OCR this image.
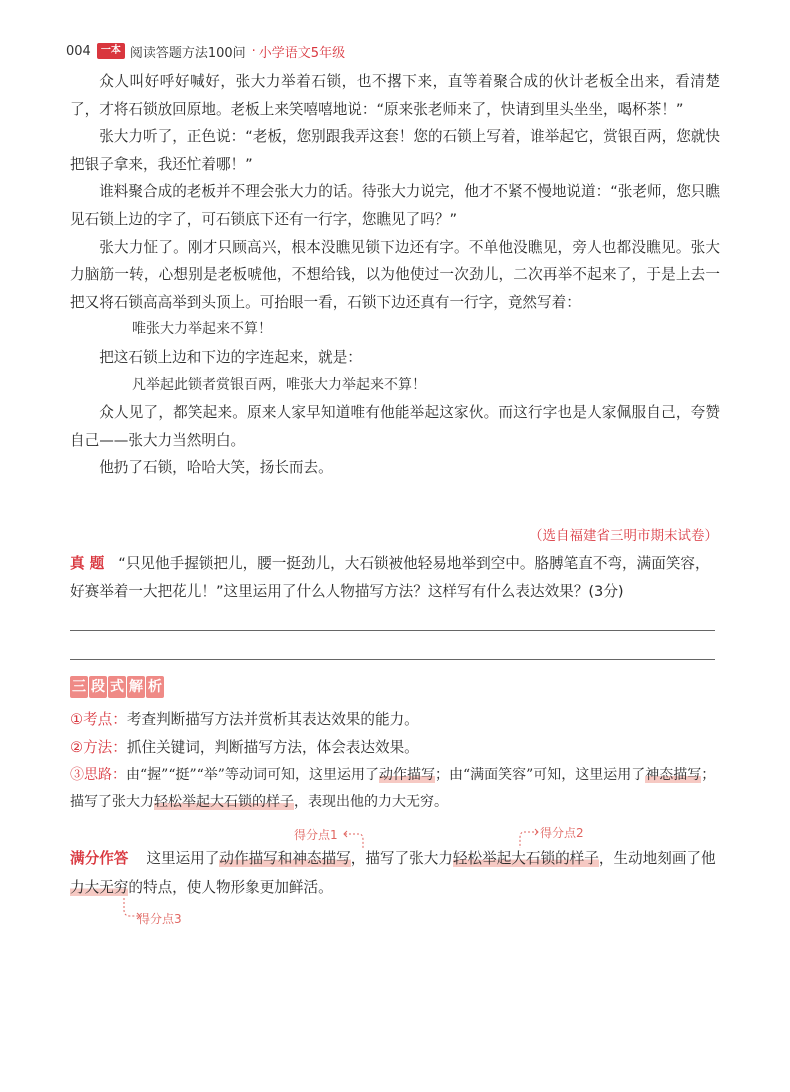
004	一本 阅读答题方法100问 · 小学语文5年级

众人叫好呼好喊好，张大力举着石锁，也不撂下来，直等着聚合成的伙计老板全出来，看清楚了，才将石锁放回原地。老板上来笑嘻嘻地说：“原来张老师来了，快请到里头坐坐，喝杯茶！”

张大力听了，正色说：“老板，您别跟我弄这套！您的石锁上写着，谁举起它，赏银百两，您就快把银子拿来，我还忙着哪！”

谁料聚合成的老板并不理会张大力的话。待张大力说完，他才不紧不慢地说道：“张老师，您只瞧见石锁上边的字了，可石锁底下还有一行字，您瞧见了吗？”

张大力怔了。刚才只顾高兴，根本没瞧见锁下边还有字。不单他没瞧见，旁人也都没瞧见。张大力脑筋一转，心想别是老板唬他，不想给钱，以为他使过一次劲儿，二次再举不起来了，于是上去一把又将石锁高高举到头顶上。可抬眼一看，石锁下边还真有一行字，竟然写着：

唯张大力举起来不算！

把这石锁上边和下边的字连起来，就是：

凡举起此锁者赏银百两，唯张大力举起来不算！

众人见了，都笑起来。原来人家早知道唯有他能举起这家伙。而这行字也是人家佩服自己，夸赞自己——张大力当然明白。

他扔了石锁，哈哈大笑，扬长而去。

（选自福建省三明市期末试卷）
真 题 “只见他手握锁把儿，腰一挺劲儿，大石锁被他轻易地举到空中。胳膊笔直不弯，满面笑容，好赛举着一大把花儿！”这里运用了什么人物描写方法？这样写有什么表达效果？(3分)
三 段 式 解 析

①考点：考查判断描写方法并赏析其表达效果的能力。

②方法：抓住关键词，判断描写方法，体会表达效果。

③思路：由“握”“挺”“举”等动词可知，这里运用了动作描写；由“满面笑容”可知，这里运用了神态描写；描写了张大力轻松举起大石锁的样子，表现出他的力大无穷。

得分点1	得分点2
满分作答 这里运用了动作描写和神态描写，描写了张大力轻松举起大石锁的样子，生动地刻画了他力大无穷的特点，使人物形象更加鲜活。
得分点3
